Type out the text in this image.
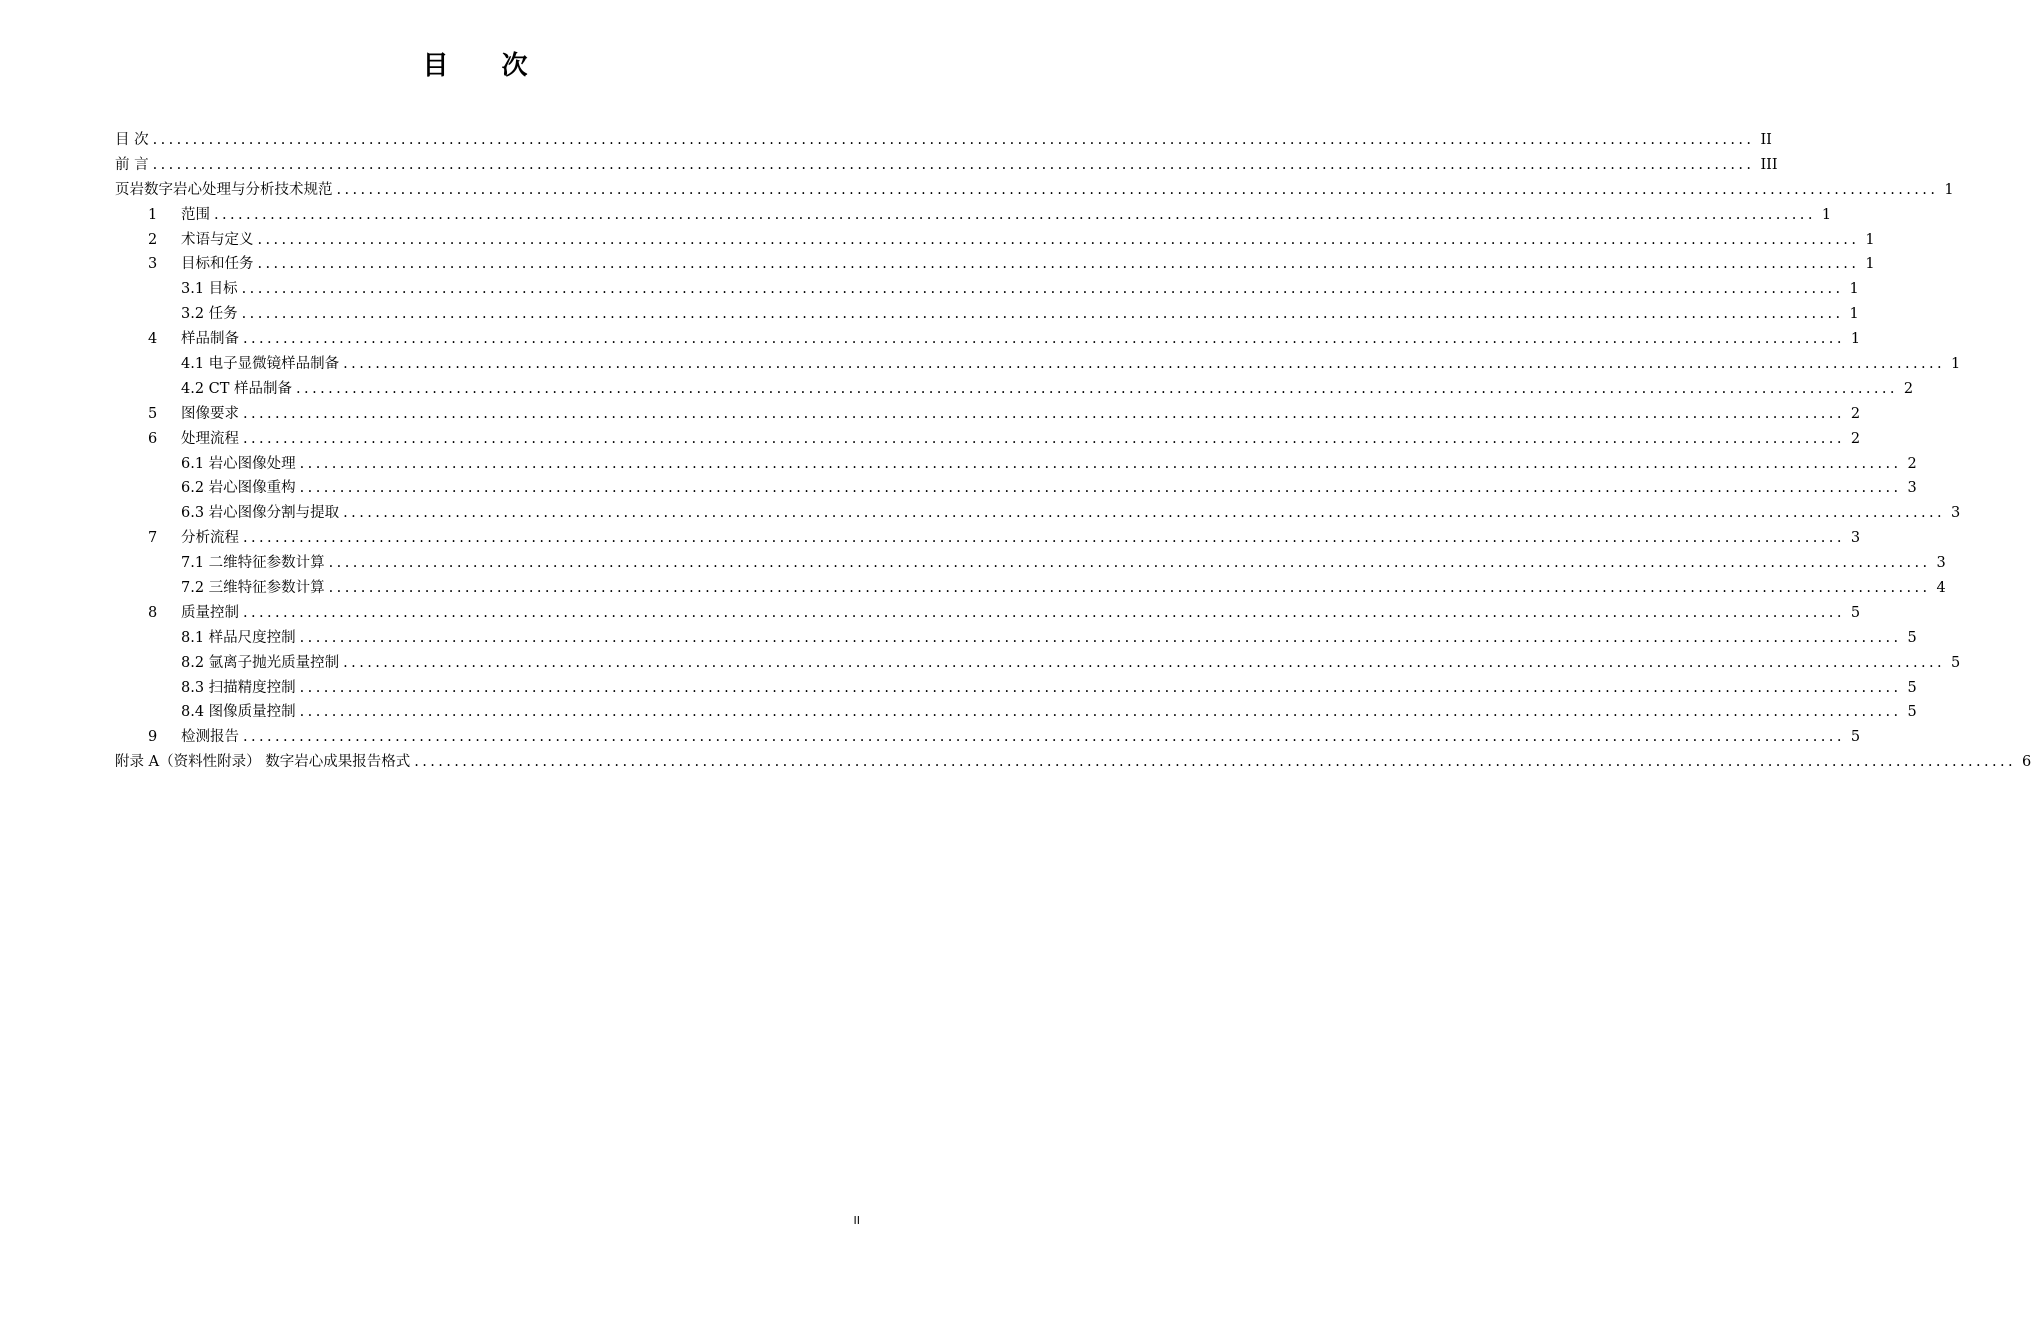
目 次
目 次 ........................................................................................................................................................................................................ II
前 言 ........................................................................................................................................................................................................ III
页岩数字岩心处理与分析技术规范 ........................................................................................................................................................................................................ 1
1	范围 ........................................................................................................................................................................................................ 1
2	术语与定义 ........................................................................................................................................................................................................ 1
3	目标和任务 ........................................................................................................................................................................................................ 1
3.1 目标 ........................................................................................................................................................................................................ 1
3.2 任务 ........................................................................................................................................................................................................ 1
4	样品制备 ........................................................................................................................................................................................................ 1
4.1 电子显微镜样品制备 ........................................................................................................................................................................................................ 1
4.2 CT 样品制备 ........................................................................................................................................................................................................ 2
5	图像要求 ........................................................................................................................................................................................................ 2
6	处理流程 ........................................................................................................................................................................................................ 2
6.1 岩心图像处理 ........................................................................................................................................................................................................ 2
6.2 岩心图像重构 ........................................................................................................................................................................................................ 3
6.3 岩心图像分割与提取 ........................................................................................................................................................................................................ 3
7	分析流程 ........................................................................................................................................................................................................ 3
7.1 二维特征参数计算 ........................................................................................................................................................................................................ 3
7.2 三维特征参数计算 ........................................................................................................................................................................................................ 4
8	质量控制 ........................................................................................................................................................................................................ 5
8.1 样品尺度控制 ........................................................................................................................................................................................................ 5
8.2 氩离子抛光质量控制 ........................................................................................................................................................................................................ 5
8.3 扫描精度控制 ........................................................................................................................................................................................................ 5
8.4 图像质量控制 ........................................................................................................................................................................................................ 5
9	检测报告 ........................................................................................................................................................................................................ 5
附录 A（资料性附录） 数字岩心成果报告格式 ........................................................................................................................................................................................................ 6
II
